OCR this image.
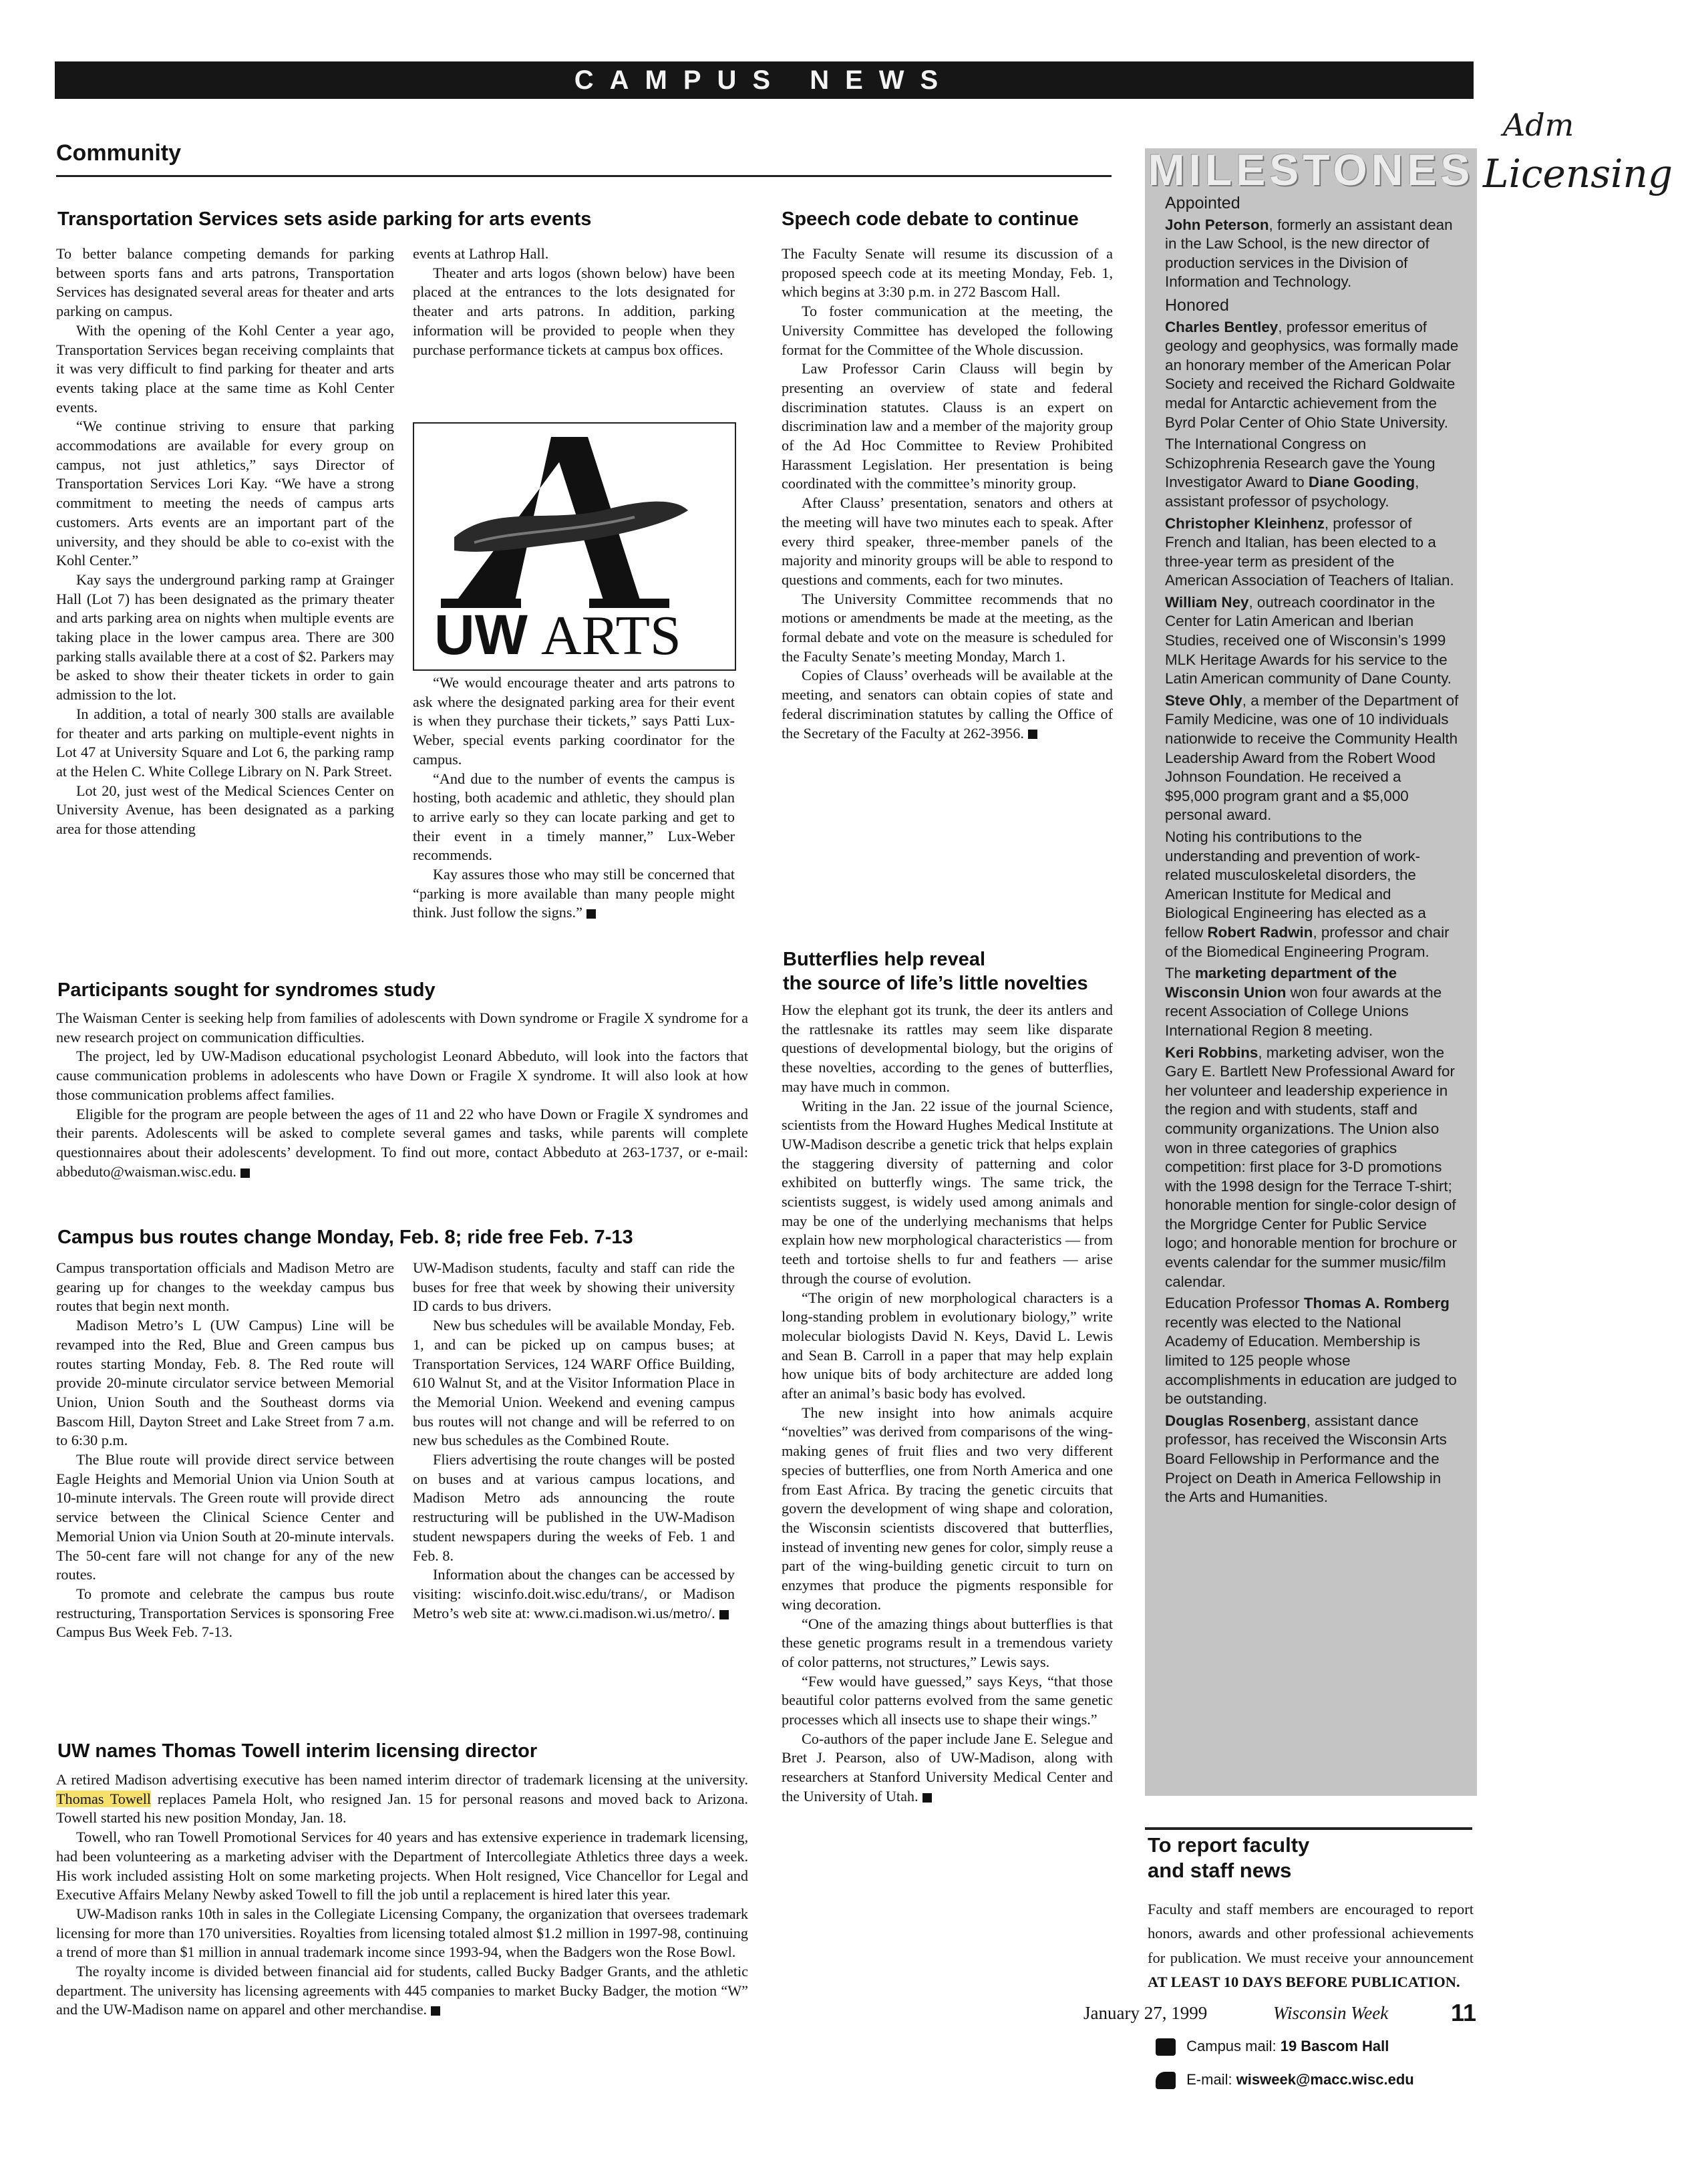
CAMPUS NEWS
Adm
Licensing
Community
Transportation Services sets aside parking for arts events

To better balance competing demands for parking between sports fans and arts patrons, Transportation Services has designated several areas for theater and arts parking on campus.

With the opening of the Kohl Center a year ago, Transportation Services began receiving complaints that it was very difficult to find parking for theater and arts events taking place at the same time as Kohl Center events.

“We continue striving to ensure that parking accommodations are available for every group on campus, not just athletics,” says Director of Transportation Services Lori Kay. “We have a strong commitment to meeting the needs of campus arts customers. Arts events are an important part of the university, and they should be able to co-exist with the Kohl Center.”

Kay says the underground parking ramp at Grainger Hall (Lot 7) has been designated as the primary theater and arts parking area on nights when multiple events are taking place in the lower campus area. There are 300 parking stalls available there at a cost of $2. Parkers may be asked to show their theater tickets in order to gain admission to the lot.

In addition, a total of nearly 300 stalls are available for theater and arts parking on multiple-event nights in Lot 47 at University Square and Lot 6, the parking ramp at the Helen C. White College Library on N. Park Street.

Lot 20, just west of the Medical Sciences Center on University Avenue, has been designated as a parking area for those attending

events at Lathrop Hall.

Theater and arts logos (shown below) have been placed at the entrances to the lots designated for theater and arts patrons. In addition, parking information will be provided to people when they purchase performance tickets at campus box offices.

UW ARTS

“We would encourage theater and arts patrons to ask where the designated parking area for their event is when they purchase their tickets,” says Patti Lux-Weber, special events parking coordinator for the campus.

“And due to the number of events the campus is hosting, both academic and athletic, they should plan to arrive early so they can locate parking and get to their event in a timely manner,” Lux-Weber recommends.

Kay assures those who may still be concerned that “parking is more available than many people might think. Just follow the signs.”

Participants sought for syndromes study

The Waisman Center is seeking help from families of adolescents with Down syndrome or Fragile X syndrome for a new research project on communication difficulties.

The project, led by UW-Madison educational psychologist Leonard Abbeduto, will look into the factors that cause communication problems in adolescents who have Down or Fragile X syndrome. It will also look at how those communication problems affect families.

Eligible for the program are people between the ages of 11 and 22 who have Down or Fragile X syndromes and their parents. Adolescents will be asked to complete several games and tasks, while parents will complete questionnaires about their adolescents’ development. To find out more, contact Abbeduto at 263-1737, or e-mail: abbeduto@waisman.wisc.edu.

Campus bus routes change Monday, Feb. 8; ride free Feb. 7-13

Campus transportation officials and Madison Metro are gearing up for changes to the weekday campus bus routes that begin next month.

Madison Metro’s L (UW Campus) Line will be revamped into the Red, Blue and Green campus bus routes starting Monday, Feb. 8. The Red route will provide 20-minute circulator service between Memorial Union, Union South and the Southeast dorms via Bascom Hill, Dayton Street and Lake Street from 7 a.m. to 6:30 p.m.

The Blue route will provide direct service between Eagle Heights and Memorial Union via Union South at 10-minute intervals. The Green route will provide direct service between the Clinical Science Center and Memorial Union via Union South at 20-minute intervals. The 50-cent fare will not change for any of the new routes.

To promote and celebrate the campus bus route restructuring, Transportation Services is sponsoring Free Campus Bus Week Feb. 7-13.

UW-Madison students, faculty and staff can ride the buses for free that week by showing their university ID cards to bus drivers.

New bus schedules will be available Monday, Feb. 1, and can be picked up on campus buses; at Transportation Services, 124 WARF Office Building, 610 Walnut St, and at the Visitor Information Place in the Memorial Union. Weekend and evening campus bus routes will not change and will be referred to on new bus schedules as the Combined Route.

Fliers advertising the route changes will be posted on buses and at various campus locations, and Madison Metro ads announcing the route restructuring will be published in the UW-Madison student newspapers during the weeks of Feb. 1 and Feb. 8.

Information about the changes can be accessed by visiting: wiscinfo.doit.wisc.edu/trans/, or Madison Metro’s web site at: www.ci.madison.wi.us/metro/.

UW names Thomas Towell interim licensing director

A retired Madison advertising executive has been named interim director of trademark licensing at the university. Thomas Towell replaces Pamela Holt, who resigned Jan. 15 for personal reasons and moved back to Arizona. Towell started his new position Monday, Jan. 18.

Towell, who ran Towell Promotional Services for 40 years and has extensive experience in trademark licensing, had been volunteering as a marketing adviser with the Department of Intercollegiate Athletics three days a week. His work included assisting Holt on some marketing projects. When Holt resigned, Vice Chancellor for Legal and Executive Affairs Melany Newby asked Towell to fill the job until a replacement is hired later this year.

UW-Madison ranks 10th in sales in the Collegiate Licensing Company, the organization that oversees trademark licensing for more than 170 universities. Royalties from licensing totaled almost $1.2 million in 1997-98, continuing a trend of more than $1 million in annual trademark income since 1993-94, when the Badgers won the Rose Bowl.

The royalty income is divided between financial aid for students, called Bucky Badger Grants, and the athletic department. The university has licensing agreements with 445 companies to market Bucky Badger, the motion “W” and the UW-Madison name on apparel and other merchandise.

Speech code debate to continue

The Faculty Senate will resume its discussion of a proposed speech code at its meeting Monday, Feb. 1, which begins at 3:30 p.m. in 272 Bascom Hall.

To foster communication at the meeting, the University Committee has developed the following format for the Committee of the Whole discussion.

Law Professor Carin Clauss will begin by presenting an overview of state and federal discrimination statutes. Clauss is an expert on discrimination law and a member of the majority group of the Ad Hoc Committee to Review Prohibited Harassment Legislation. Her presentation is being coordinated with the committee’s minority group.

After Clauss’ presentation, senators and others at the meeting will have two minutes each to speak. After every third speaker, three-member panels of the majority and minority groups will be able to respond to questions and comments, each for two minutes.

The University Committee recommends that no motions or amendments be made at the meeting, as the formal debate and vote on the measure is scheduled for the Faculty Senate’s meeting Monday, March 1.

Copies of Clauss’ overheads will be available at the meeting, and senators can obtain copies of state and federal discrimination statutes by calling the Office of the Secretary of the Faculty at 262-3956.

Butterflies help reveal
the source of life’s little novelties

How the elephant got its trunk, the deer its antlers and the rattlesnake its rattles may seem like disparate questions of developmental biology, but the origins of these novelties, according to the genes of butterflies, may have much in common.

Writing in the Jan. 22 issue of the journal Science, scientists from the Howard Hughes Medical Institute at UW-Madison describe a genetic trick that helps explain the staggering diversity of patterning and color exhibited on butterfly wings. The same trick, the scientists suggest, is widely used among animals and may be one of the underlying mechanisms that helps explain how new morphological characteristics — from teeth and tortoise shells to fur and feathers — arise through the course of evolution.

“The origin of new morphological characters is a long-standing problem in evolutionary biology,” write molecular biologists David N. Keys, David L. Lewis and Sean B. Carroll in a paper that may help explain how unique bits of body architecture are added long after an animal’s basic body has evolved.

The new insight into how animals acquire “novelties” was derived from comparisons of the wing-making genes of fruit flies and two very different species of butterflies, one from North America and one from East Africa. By tracing the genetic circuits that govern the development of wing shape and coloration, the Wisconsin scientists discovered that butterflies, instead of inventing new genes for color, simply reuse a part of the wing-building genetic circuit to turn on enzymes that produce the pigments responsible for wing decoration.

“One of the amazing things about butterflies is that these genetic programs result in a tremendous variety of color patterns, not structures,” Lewis says.

“Few would have guessed,” says Keys, “that those beautiful color patterns evolved from the same genetic processes which all insects use to shape their wings.”

Co-authors of the paper include Jane E. Selegue and Bret J. Pearson, also of UW-Madison, along with researchers at Stanford University Medical Center and the University of Utah.

MILESTONES

Appointed

John Peterson, formerly an assistant dean in the Law School, is the new director of production services in the Division of Information and Technology.

Honored

Charles Bentley, professor emeritus of geology and geophysics, was formally made an honorary member of the American Polar Society and received the Richard Goldwaite medal for Antarctic achievement from the Byrd Polar Center of Ohio State University.

The International Congress on Schizophrenia Research gave the Young Investigator Award to Diane Gooding, assistant professor of psychology.

Christopher Kleinhenz, professor of French and Italian, has been elected to a three-year term as president of the American Association of Teachers of Italian.

William Ney, outreach coordinator in the Center for Latin American and Iberian Studies, received one of Wisconsin’s 1999 MLK Heritage Awards for his service to the Latin American community of Dane County.

Steve Ohly, a member of the Department of Family Medicine, was one of 10 individuals nationwide to receive the Community Health Leadership Award from the Robert Wood Johnson Foundation. He received a $95,000 program grant and a $5,000 personal award.

Noting his contributions to the understanding and prevention of work-related musculoskeletal disorders, the American Institute for Medical and Biological Engineering has elected as a fellow Robert Radwin, professor and chair of the Biomedical Engineering Program.

The marketing department of the Wisconsin Union won four awards at the recent Association of College Unions International Region 8 meeting.

Keri Robbins, marketing adviser, won the Gary E. Bartlett New Professional Award for her volunteer and leadership experience in the region and with students, staff and community organizations. The Union also won in three categories of graphics competition: first place for 3-D promotions with the 1998 design for the Terrace T-shirt; honorable mention for single-color design of the Morgridge Center for Public Service logo; and honorable mention for brochure or events calendar for the summer music/film calendar.

Education Professor Thomas A. Romberg recently was elected to the National Academy of Education. Membership is limited to 125 people whose accomplishments in education are judged to be outstanding.

Douglas Rosenberg, assistant dance professor, has received the Wisconsin Arts Board Fellowship in Performance and the Project on Death in America Fellowship in the Arts and Humanities.

To report faculty
and staff news
Faculty and staff members are encouraged to report honors, awards and other professional achievements for publication. We must receive your announcement AT LEAST 10 DAYS BEFORE PUBLICATION.
Campus mail: 19 Bascom Hall
E-mail: wisweek@macc.wisc.edu
January 27, 1999	Wisconsin Week	11
